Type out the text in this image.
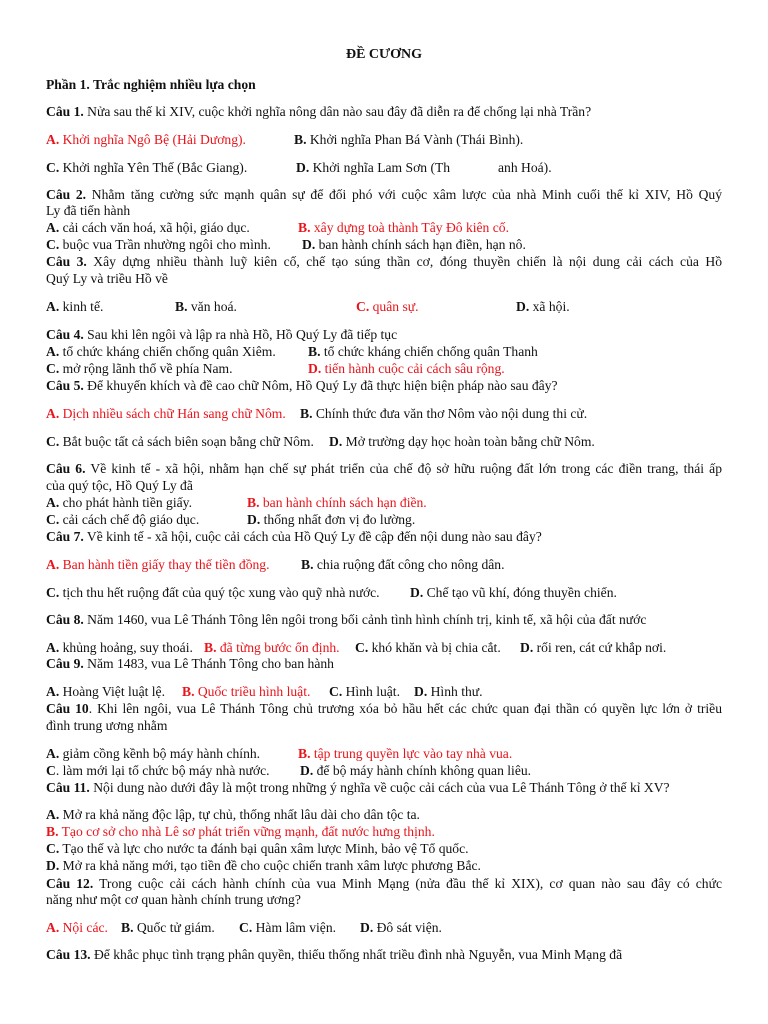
ĐỀ CƯƠNG
Phần 1. Trắc nghiệm nhiều lựa chọn
Câu 1. Nửa sau thế kỉ XIV, cuộc khởi nghĩa nông dân nào sau đây đã diễn ra để chống lại nhà Trần?
A. Khởi nghĩa Ngô Bệ (Hải Dương).	B. Khởi nghĩa Phan Bá Vành (Thái Bình).
C. Khởi nghĩa Yên Thế (Bắc Giang).	D. Khởi nghĩa Lam Sơn (Th	anh Hoá).
Câu 2. Nhằm tăng cường sức mạnh quân sự để đối phó với cuộc xâm lược của nhà Minh cuối thế kỉ XIV, Hồ Quý
Ly đã tiến hành
A. cải cách văn hoá, xã hội, giáo dục.	B. xây dựng toà thành Tây Đô kiên cố.
C. buộc vua Trần nhường ngôi cho mình. D. ban hành chính sách hạn điền, hạn nô.
Câu 3. Xây dựng nhiều thành luỹ kiên cố, chế tạo súng thần cơ, đóng thuyền chiến là nội dung cải cách của Hồ
Quý Ly và triều Hồ về
A. kinh tế.	B. văn hoá.	C. quân sự.	D. xã hội.
Câu 4. Sau khi lên ngôi và lập ra nhà Hồ, Hồ Quý Ly đã tiếp tục
A. tổ chức kháng chiến chống quân Xiêm. B. tổ chức kháng chiến chống quân Thanh
C. mở rộng lãnh thổ về phía Nam.	D. tiến hành cuộc cải cách sâu rộng.
Câu 5. Để khuyến khích và đề cao chữ Nôm, Hồ Quý Ly đã thực hiện biện pháp nào sau đây?
A. Dịch nhiều sách chữ Hán sang chữ Nôm. B. Chính thức đưa văn thơ Nôm vào nội dung thi cử.
C. Bắt buộc tất cả sách biên soạn bằng chữ Nôm. D. Mở trường dạy học hoàn toàn bằng chữ Nôm.
Câu 6. Về kinh tế - xã hội, nhằm hạn chế sự phát triển của chế độ sở hữu ruộng đất lớn trong các điền trang, thái ấp
của quý tộc, Hồ Quý Ly đã
A. cho phát hành tiền giấy.	B. ban hành chính sách hạn điền.
C. cải cách chế độ giáo dục.	D. thống nhất đơn vị đo lường.
Câu 7. Về kinh tế - xã hội, cuộc cải cách của Hồ Quý Ly đề cập đến nội dung nào sau đây?
A. Ban hành tiền giấy thay thế tiền đồng. B. chia ruộng đất công cho nông dân.
C. tịch thu hết ruộng đất của quý tộc xung vào quỹ nhà nước. D. Chế tạo vũ khí, đóng thuyền chiến.
Câu 8. Năm 1460, vua Lê Thánh Tông lên ngôi trong bối cảnh tình hình chính trị, kinh tế, xã hội của đất nước
A. khủng hoảng, suy thoái. B. đã từng bước ổn định. C. khó khăn và bị chia cắt. D. rối ren, cát cứ khắp nơi.
Câu 9. Năm 1483, vua Lê Thánh Tông cho ban hành
A. Hoàng Việt luật lệ. B. Quốc triều hình luật. C. Hình luật. D. Hình thư.
Câu 10. Khi lên ngôi, vua Lê Thánh Tông chủ trương xóa bỏ hầu hết các chức quan đại thần có quyền lực lớn ở triều
đình trung ương nhằm
A. giảm cồng kềnh bộ máy hành chính.	B. tập trung quyền lực vào tay nhà vua.
C. làm mới lại tổ chức bộ máy nhà nước. D. để bộ máy hành chính không quan liêu.
Câu 11. Nội dung nào dưới đây là một trong những ý nghĩa về cuộc cải cách của vua Lê Thánh Tông ở thế kỉ XV?
A. Mở ra khả năng độc lập, tự chủ, thống nhất lâu dài cho dân tộc ta.
B. Tạo cơ sở cho nhà Lê sơ phát triển vững mạnh, đất nước hưng thịnh.
C. Tạo thế và lực cho nước ta đánh bại quân xâm lược Minh, bảo vệ Tổ quốc.
D. Mở ra khả năng mới, tạo tiền đề cho cuộc chiến tranh xâm lược phương Bắc.
Câu 12. Trong cuộc cải cách hành chính của vua Minh Mạng (nửa đầu thế kỉ XIX), cơ quan nào sau đây có chức
năng như một cơ quan hành chính trung ương?
A. Nội các. B. Quốc tử giám. C. Hàm lâm viện. D. Đô sát viện.
Câu 13. Để khắc phục tình trạng phân quyền, thiếu thống nhất triều đình nhà Nguyễn, vua Minh Mạng đã
